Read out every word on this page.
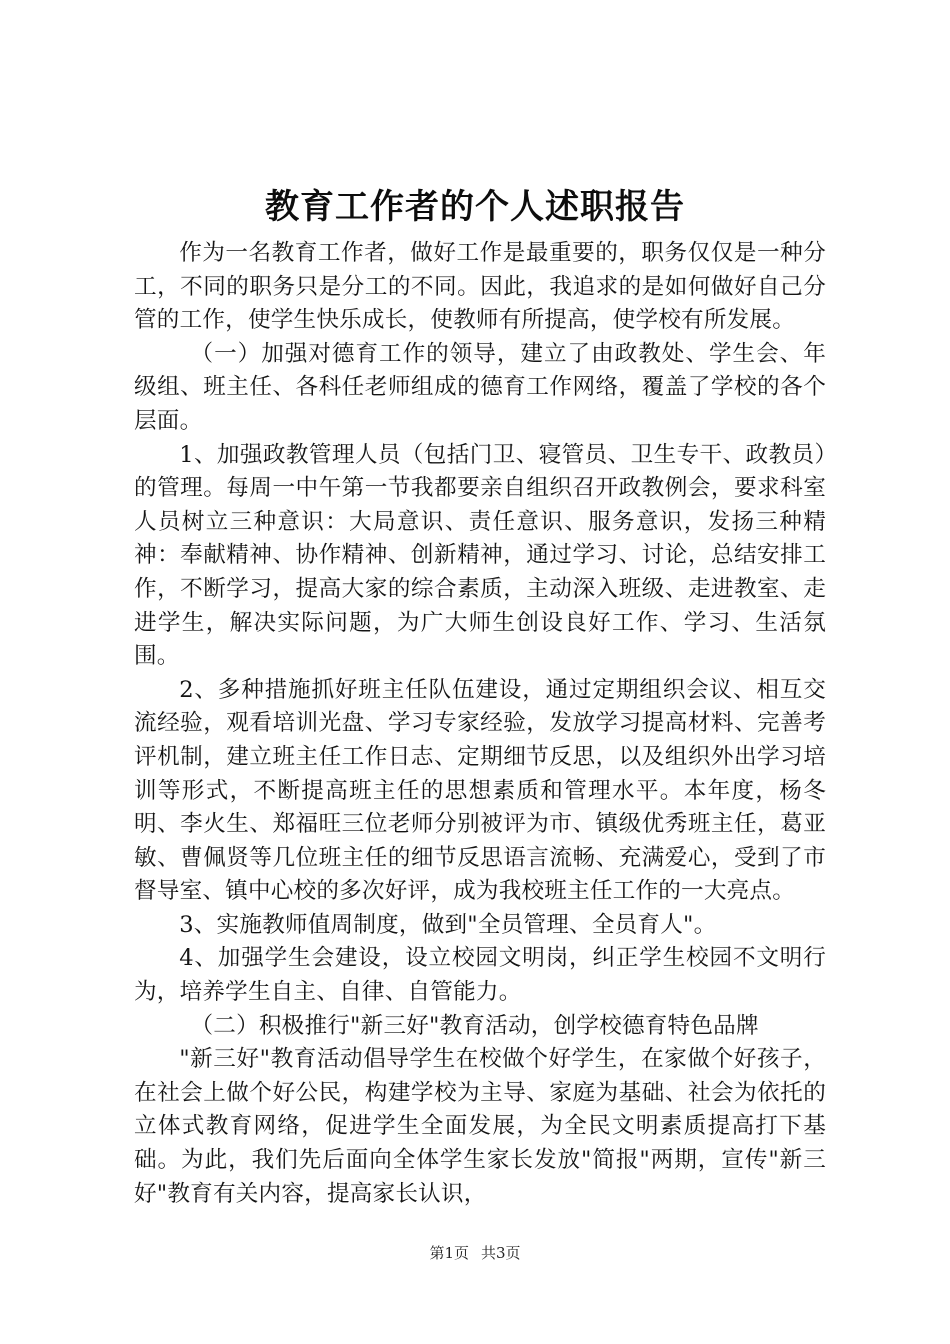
教育工作者的个人述职报告

作为一名教育工作者，做好工作是最重要的，职务仅仅是一种分工，不同的职务只是分工的不同。因此，我追求的是如何做好自己分管的工作，使学生快乐成长，使教师有所提高，使学校有所发展。

（一）加强对德育工作的领导，建立了由政教处、学生会、年级组、班主任、各科任老师组成的德育工作网络，覆盖了学校的各个层面。

1、加强政教管理人员（包括门卫、寝管员、卫生专干、政教员）的管理。每周一中午第一节我都要亲自组织召开政教例会，要求科室人员树立三种意识：大局意识、责任意识、服务意识，发扬三种精神：奉献精神、协作精神、创新精神，通过学习、讨论，总结安排工作，不断学习，提高大家的综合素质，主动深入班级、走进教室、走进学生，解决实际问题，为广大师生创设良好工作、学习、生活氛围。

2、多种措施抓好班主任队伍建设，通过定期组织会议、相互交流经验，观看培训光盘、学习专家经验，发放学习提高材料、完善考评机制，建立班主任工作日志、定期细节反思，以及组织外出学习培训等形式，不断提高班主任的思想素质和管理水平。本年度，杨冬明、李火生、郑福旺三位老师分别被评为市、镇级优秀班主任，葛亚敏、曹佩贤等几位班主任的细节反思语言流畅、充满爱心，受到了市督导室、镇中心校的多次好评，成为我校班主任工作的一大亮点。

3、实施教师值周制度，做到"全员管理、全员育人"。

4、加强学生会建设，设立校园文明岗，纠正学生校园不文明行为，培养学生自主、自律、自管能力。

（二）积极推行"新三好"教育活动，创学校德育特色品牌

"新三好"教育活动倡导学生在校做个好学生，在家做个好孩子，在社会上做个好公民，构建学校为主导、家庭为基础、社会为依托的立体式教育网络，促进学生全面发展，为全民文明素质提高打下基础。为此，我们先后面向全体学生家长发放"简报"两期，宣传"新三好"教育有关内容，提高家长认识，

第1页 共3页
